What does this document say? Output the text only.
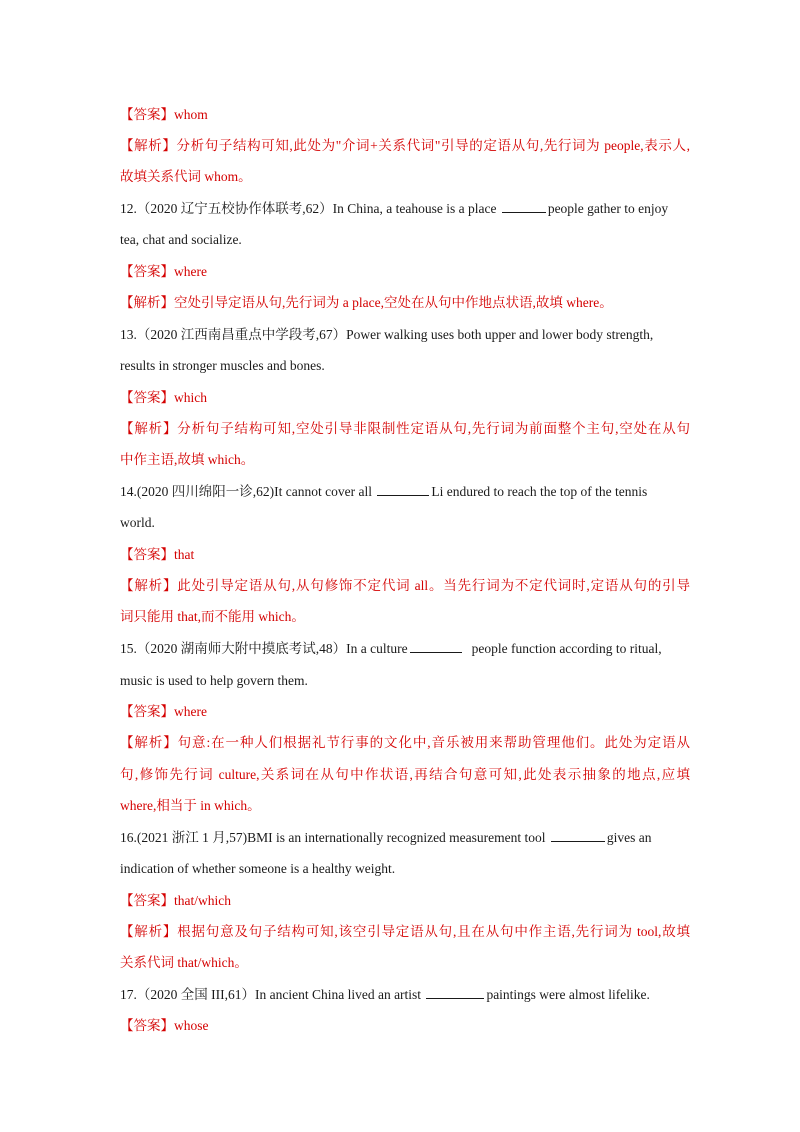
【答案】whom
【解析】分析句子结构可知,此处为"介词+关系代词"引导的定语从句,先行词为 people,表示人,
故填关系代词 whom。
12.（2020 辽宁五校协作体联考,62）In China, a teahouse is a place	people gather to enjoy
tea, chat and socialize.
【答案】where
【解析】空处引导定语从句,先行词为 a place,空处在从句中作地点状语,故填 where。
13.（2020 江西南昌重点中学段考,67）Power walking uses both upper and lower body strength,
results in stronger muscles and bones.
【答案】which
【解析】分析句子结构可知,空处引导非限制性定语从句,先行词为前面整个主句,空处在从句
中作主语,故填 which。
14.(2020 四川绵阳一诊,62)It cannot cover all	Li endured to reach the top of the tennis
world.
【答案】that
【解析】此处引导定语从句,从句修饰不定代词 all。当先行词为不定代词时,定语从句的引导
词只能用 that,而不能用 which。
15.（2020 湖南师大附中摸底考试,48）In a culture	people function according to ritual,
music is used to help govern them.
【答案】where
【解析】句意:在一种人们根据礼节行事的文化中,音乐被用来帮助管理他们。此处为定语从
句,修饰先行词 culture,关系词在从句中作状语,再结合句意可知,此处表示抽象的地点,应填
where,相当于 in which。
16.(2021 浙江 1 月,57)BMI is an internationally recognized measurement tool	gives an
indication of whether someone is a healthy weight.
【答案】that/which
【解析】根据句意及句子结构可知,该空引导定语从句,且在从句中作主语,先行词为 tool,故填
关系代词 that/which。
17.（2020 全国 III,61）In ancient China lived an artist	paintings were almost lifelike.
【答案】whose
